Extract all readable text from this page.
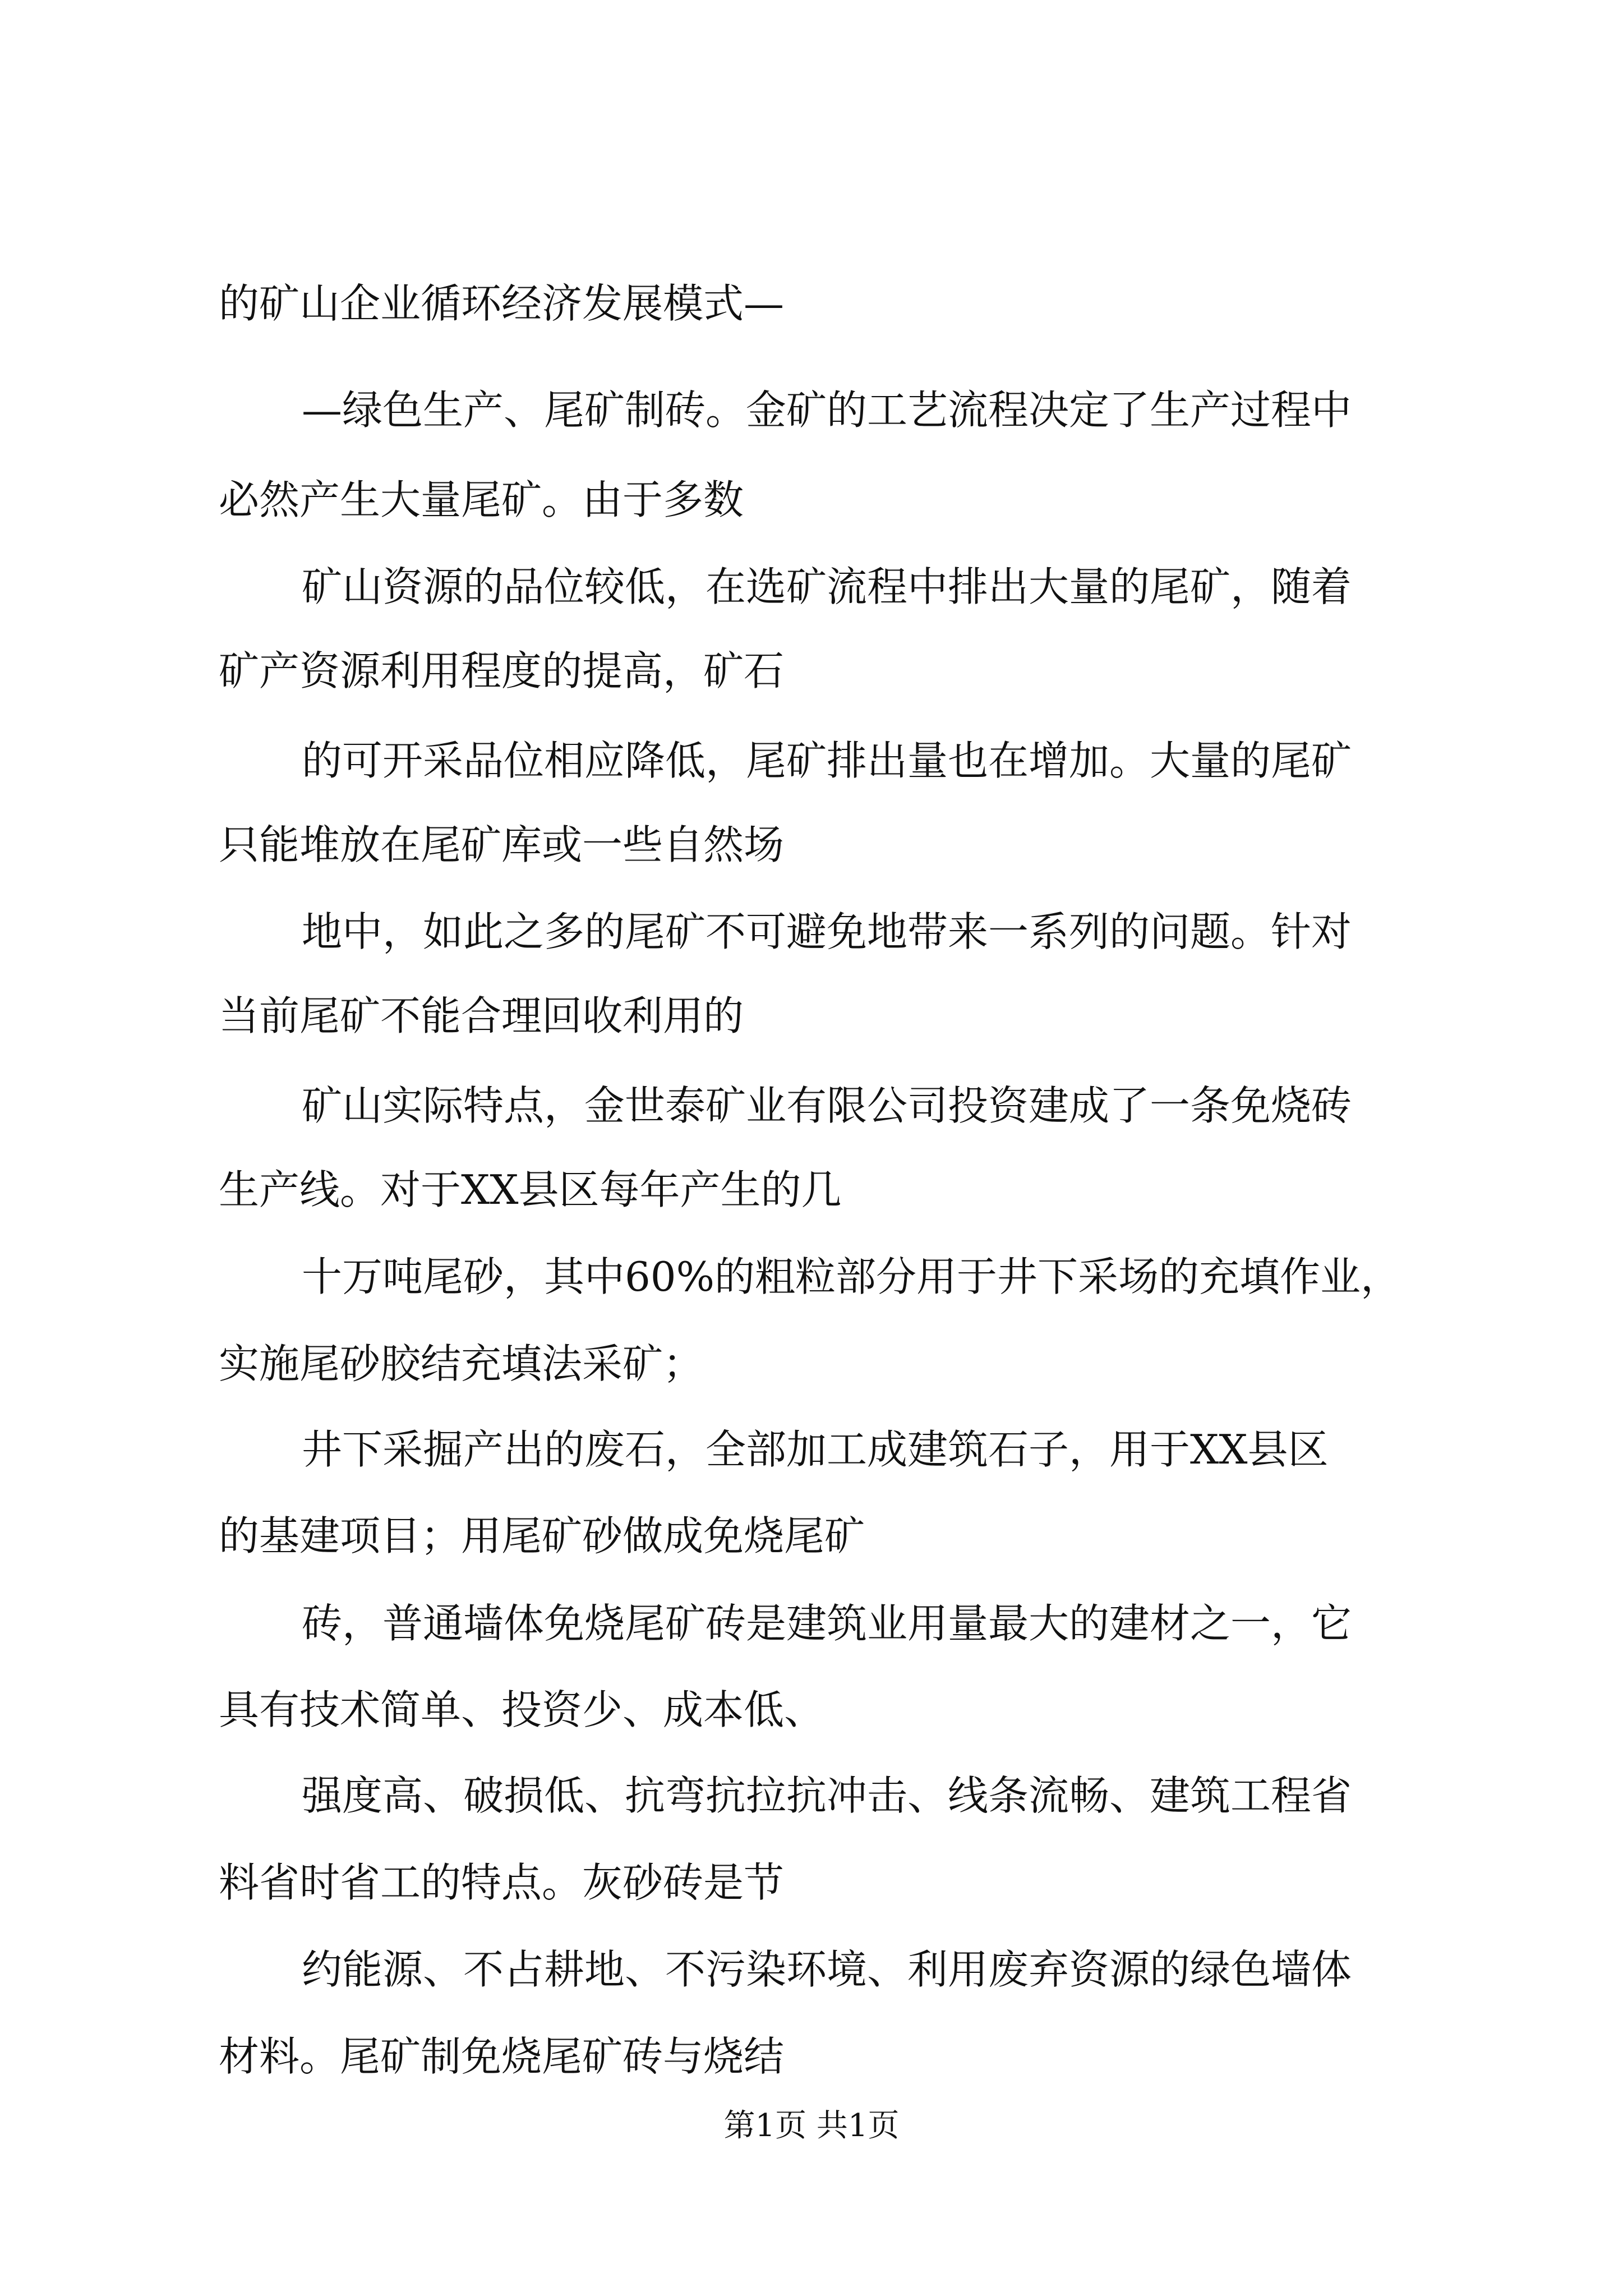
的矿山企业循环经济发展模式—
—绿色生产、尾矿制砖。金矿的工艺流程决定了生产过程中
必然产生大量尾矿。由于多数
矿山资源的品位较低，在选矿流程中排出大量的尾矿，随着
矿产资源利用程度的提高，矿石
的可开采品位相应降低，尾矿排出量也在增加。大量的尾矿
只能堆放在尾矿库或一些自然场
地中，如此之多的尾矿不可避免地带来一系列的问题。针对
当前尾矿不能合理回收利用的
矿山实际特点，金世泰矿业有限公司投资建成了一条免烧砖
生产线。对于XX县区每年产生的几
十万吨尾砂，其中60%的粗粒部分用于井下采场的充填作业，
实施尾砂胶结充填法采矿；
井下采掘产出的废石，全部加工成建筑石子，用于XX县区
的基建项目；用尾矿砂做成免烧尾矿
砖，普通墙体免烧尾矿砖是建筑业用量最大的建材之一，它
具有技术简单、投资少、成本低、
强度高、破损低、抗弯抗拉抗冲击、线条流畅、建筑工程省
料省时省工的特点。灰砂砖是节
约能源、不占耕地、不污染环境、利用废弃资源的绿色墙体
材料。尾矿制免烧尾矿砖与烧结
第1页 共1页
